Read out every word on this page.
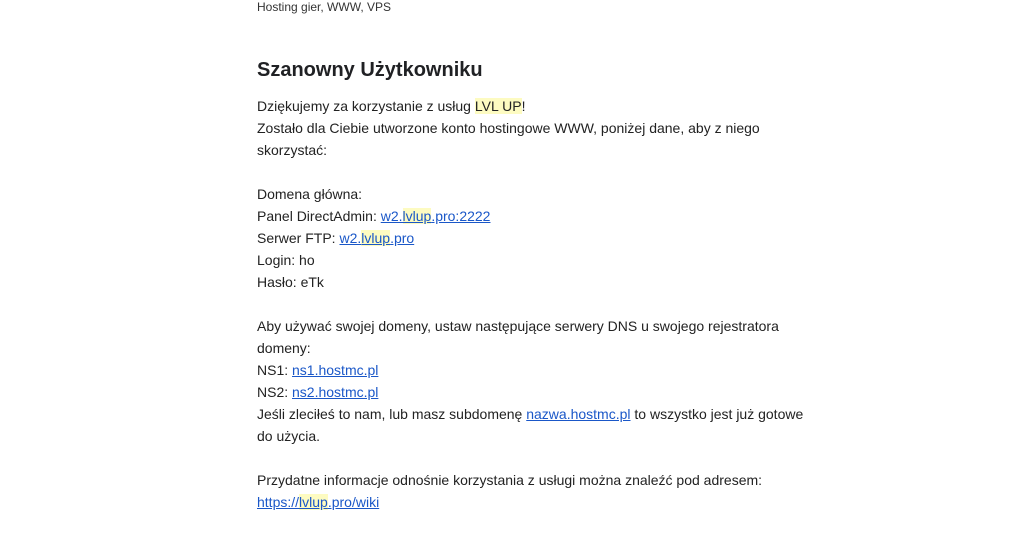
Hosting gier, WWW, VPS
Szanowny Użytkowniku

Dziękujemy za korzystanie z usług LVL UP!

Zostało dla Ciebie utworzone konto hostingowe WWW, poniżej dane, aby z niego skorzystać:

Domena główna:

Panel DirectAdmin: w2.lvlup.pro:2222

Serwer FTP: w2.lvlup.pro

Login: ho

Hasło: eTk

Aby używać swojej domeny, ustaw następujące serwery DNS u swojego rejestratora domeny:

NS1: ns1.hostmc.pl

NS2: ns2.hostmc.pl

Jeśli zleciłeś to nam, lub masz subdomenę nazwa.hostmc.pl to wszystko jest już gotowe do użycia.

Przydatne informacje odnośnie korzystania z usługi można znaleźć pod adresem:

https://lvlup.pro/wiki
